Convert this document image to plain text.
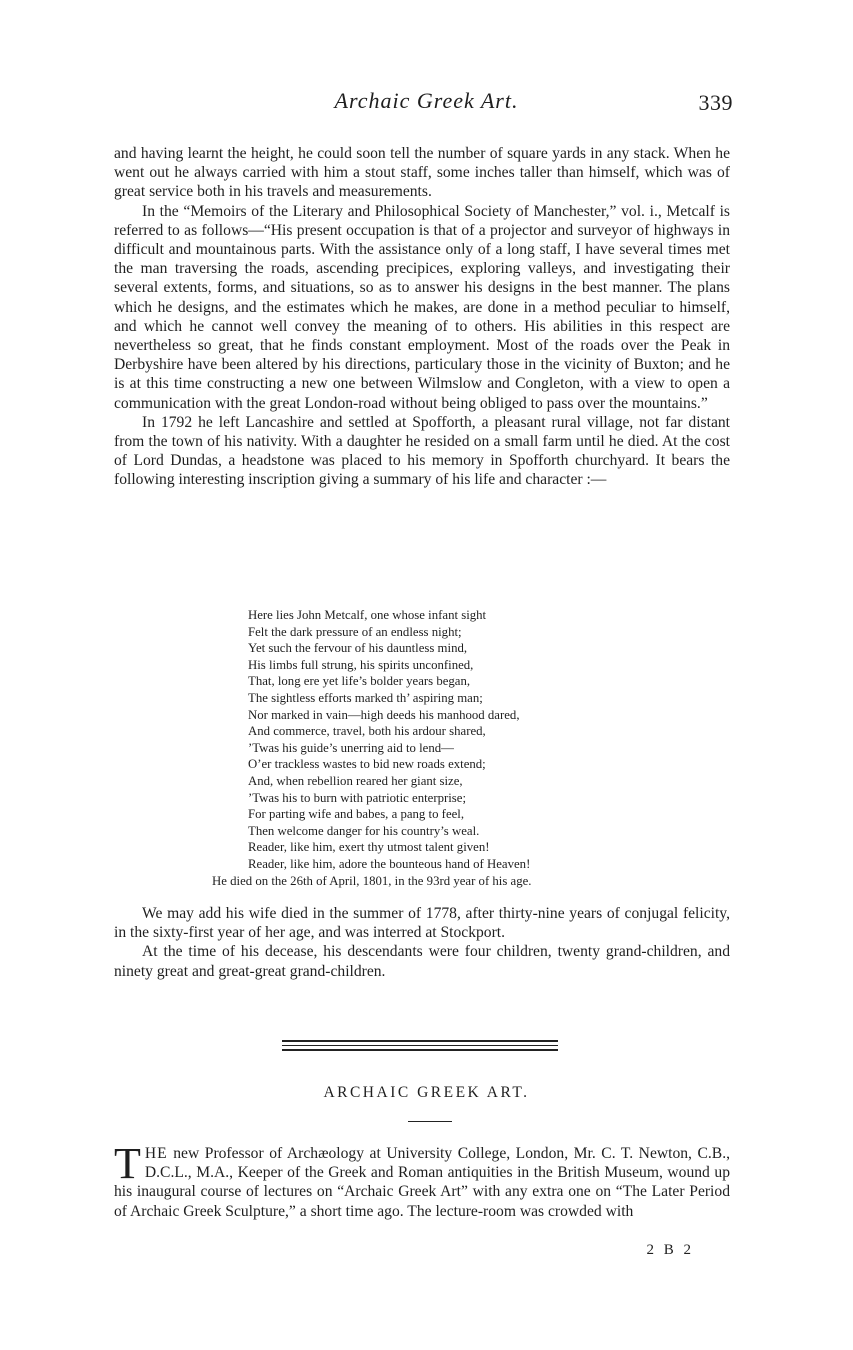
Archaic Greek Art.	339

and having learnt the height, he could soon tell the number of square yards in any stack. When he went out he always carried with him a stout staff, some inches taller than himself, which was of great service both in his travels and measurements.

In the “Memoirs of the Literary and Philosophical Society of Manchester,” vol. i., Metcalf is referred to as follows—“His present occupation is that of a projector and surveyor of highways in difficult and mountainous parts. With the assistance only of a long staff, I have several times met the man traversing the roads, ascending precipices, exploring valleys, and investigating their several extents, forms, and situations, so as to answer his designs in the best manner. The plans which he designs, and the estimates which he makes, are done in a method peculiar to himself, and which he cannot well convey the meaning of to others. His abilities in this respect are nevertheless so great, that he finds constant employment. Most of the roads over the Peak in Derbyshire have been altered by his directions, particulary those in the vicinity of Buxton; and he is at this time constructing a new one between Wilmslow and Congleton, with a view to open a communication with the great London-road without being obliged to pass over the mountains.”

In 1792 he left Lancashire and settled at Spofforth, a pleasant rural village, not far distant from the town of his nativity. With a daughter he resided on a small farm until he died. At the cost of Lord Dundas, a headstone was placed to his memory in Spofforth churchyard. It bears the following interesting inscription giving a summary of his life and character :—

Here lies John Metcalf, one whose infant sight
Felt the dark pressure of an endless night;
Yet such the fervour of his dauntless mind,
His limbs full strung, his spirits unconfined,
That, long ere yet life’s bolder years began,
The sightless efforts marked th’ aspiring man;
Nor marked in vain—high deeds his manhood dared,
And commerce, travel, both his ardour shared,
’Twas his guide’s unerring aid to lend—
O’er trackless wastes to bid new roads extend;
And, when rebellion reared her giant size,
’Twas his to burn with patriotic enterprise;
For parting wife and babes, a pang to feel,
Then welcome danger for his country’s weal.
Reader, like him, exert thy utmost talent given!
Reader, like him, adore the bounteous hand of Heaven!
He died on the 26th of April, 1801, in the 93rd year of his age.

We may add his wife died in the summer of 1778, after thirty-nine years of conjugal felicity, in the sixty-first year of her age, and was interred at Stockport.

At the time of his decease, his descendants were four children, twenty grand-children, and ninety great and great-great grand-children.

ARCHAIC GREEK ART.

THE new Professor of Archæology at University College, London, Mr. C. T. Newton, C.B., D.C.L., M.A., Keeper of the Greek and Roman antiquities in the British Museum, wound up his inaugural course of lectures on “Archaic Greek Art” with any extra one on “The Later Period of Archaic Greek Sculpture,” a short time ago. The lecture-room was crowded with

2 B 2
